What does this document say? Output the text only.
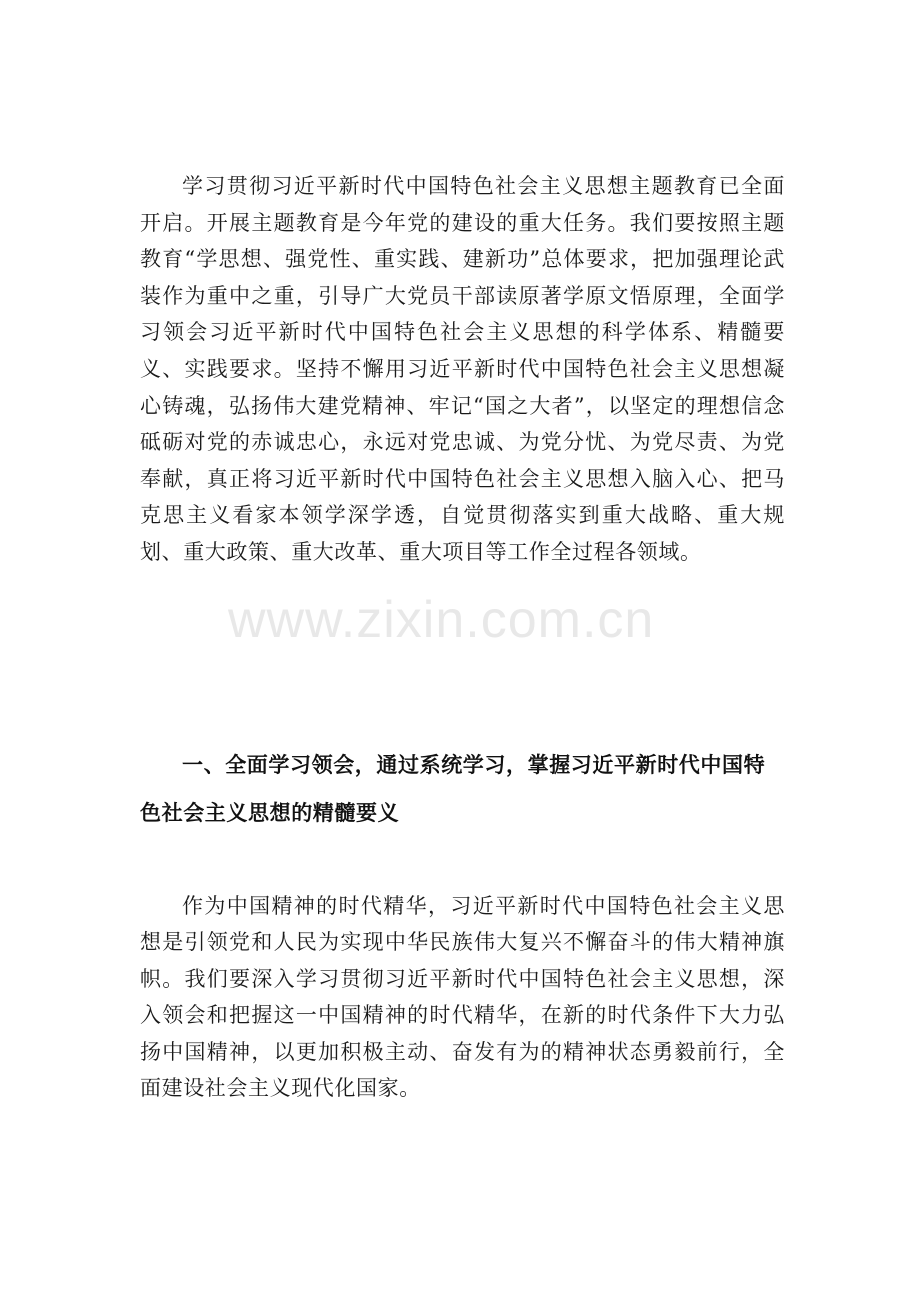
学习贯彻习近平新时代中国特色社会主义思想主题教育已全面开启。开展主题教育是今年党的建设的重大任务。我们要按照主题教育“学思想、强党性、重实践、建新功”总体要求，把加强理论武装作为重中之重，引导广大党员干部读原著学原文悟原理，全面学习领会习近平新时代中国特色社会主义思想的科学体系、精髓要义、实践要求。坚持不懈用习近平新时代中国特色社会主义思想凝心铸魂，弘扬伟大建党精神、牢记“国之大者”，以坚定的理想信念砥砺对党的赤诚忠心，永远对党忠诚、为党分忧、为党尽责、为党奉献，真正将习近平新时代中国特色社会主义思想入脑入心、把马克思主义看家本领学深学透，自觉贯彻落实到重大战略、重大规划、重大政策、重大改革、重大项目等工作全过程各领域。

www.zixin.com.cn
一、全面学习领会，通过系统学习，掌握习近平新时代中国特色社会主义思想的精髓要义

作为中国精神的时代精华，习近平新时代中国特色社会主义思想是引领党和人民为实现中华民族伟大复兴不懈奋斗的伟大精神旗帜。我们要深入学习贯彻习近平新时代中国特色社会主义思想，深入领会和把握这一中国精神的时代精华，在新的时代条件下大力弘扬中国精神，以更加积极主动、奋发有为的精神状态勇毅前行，全面建设社会主义现代化国家。
